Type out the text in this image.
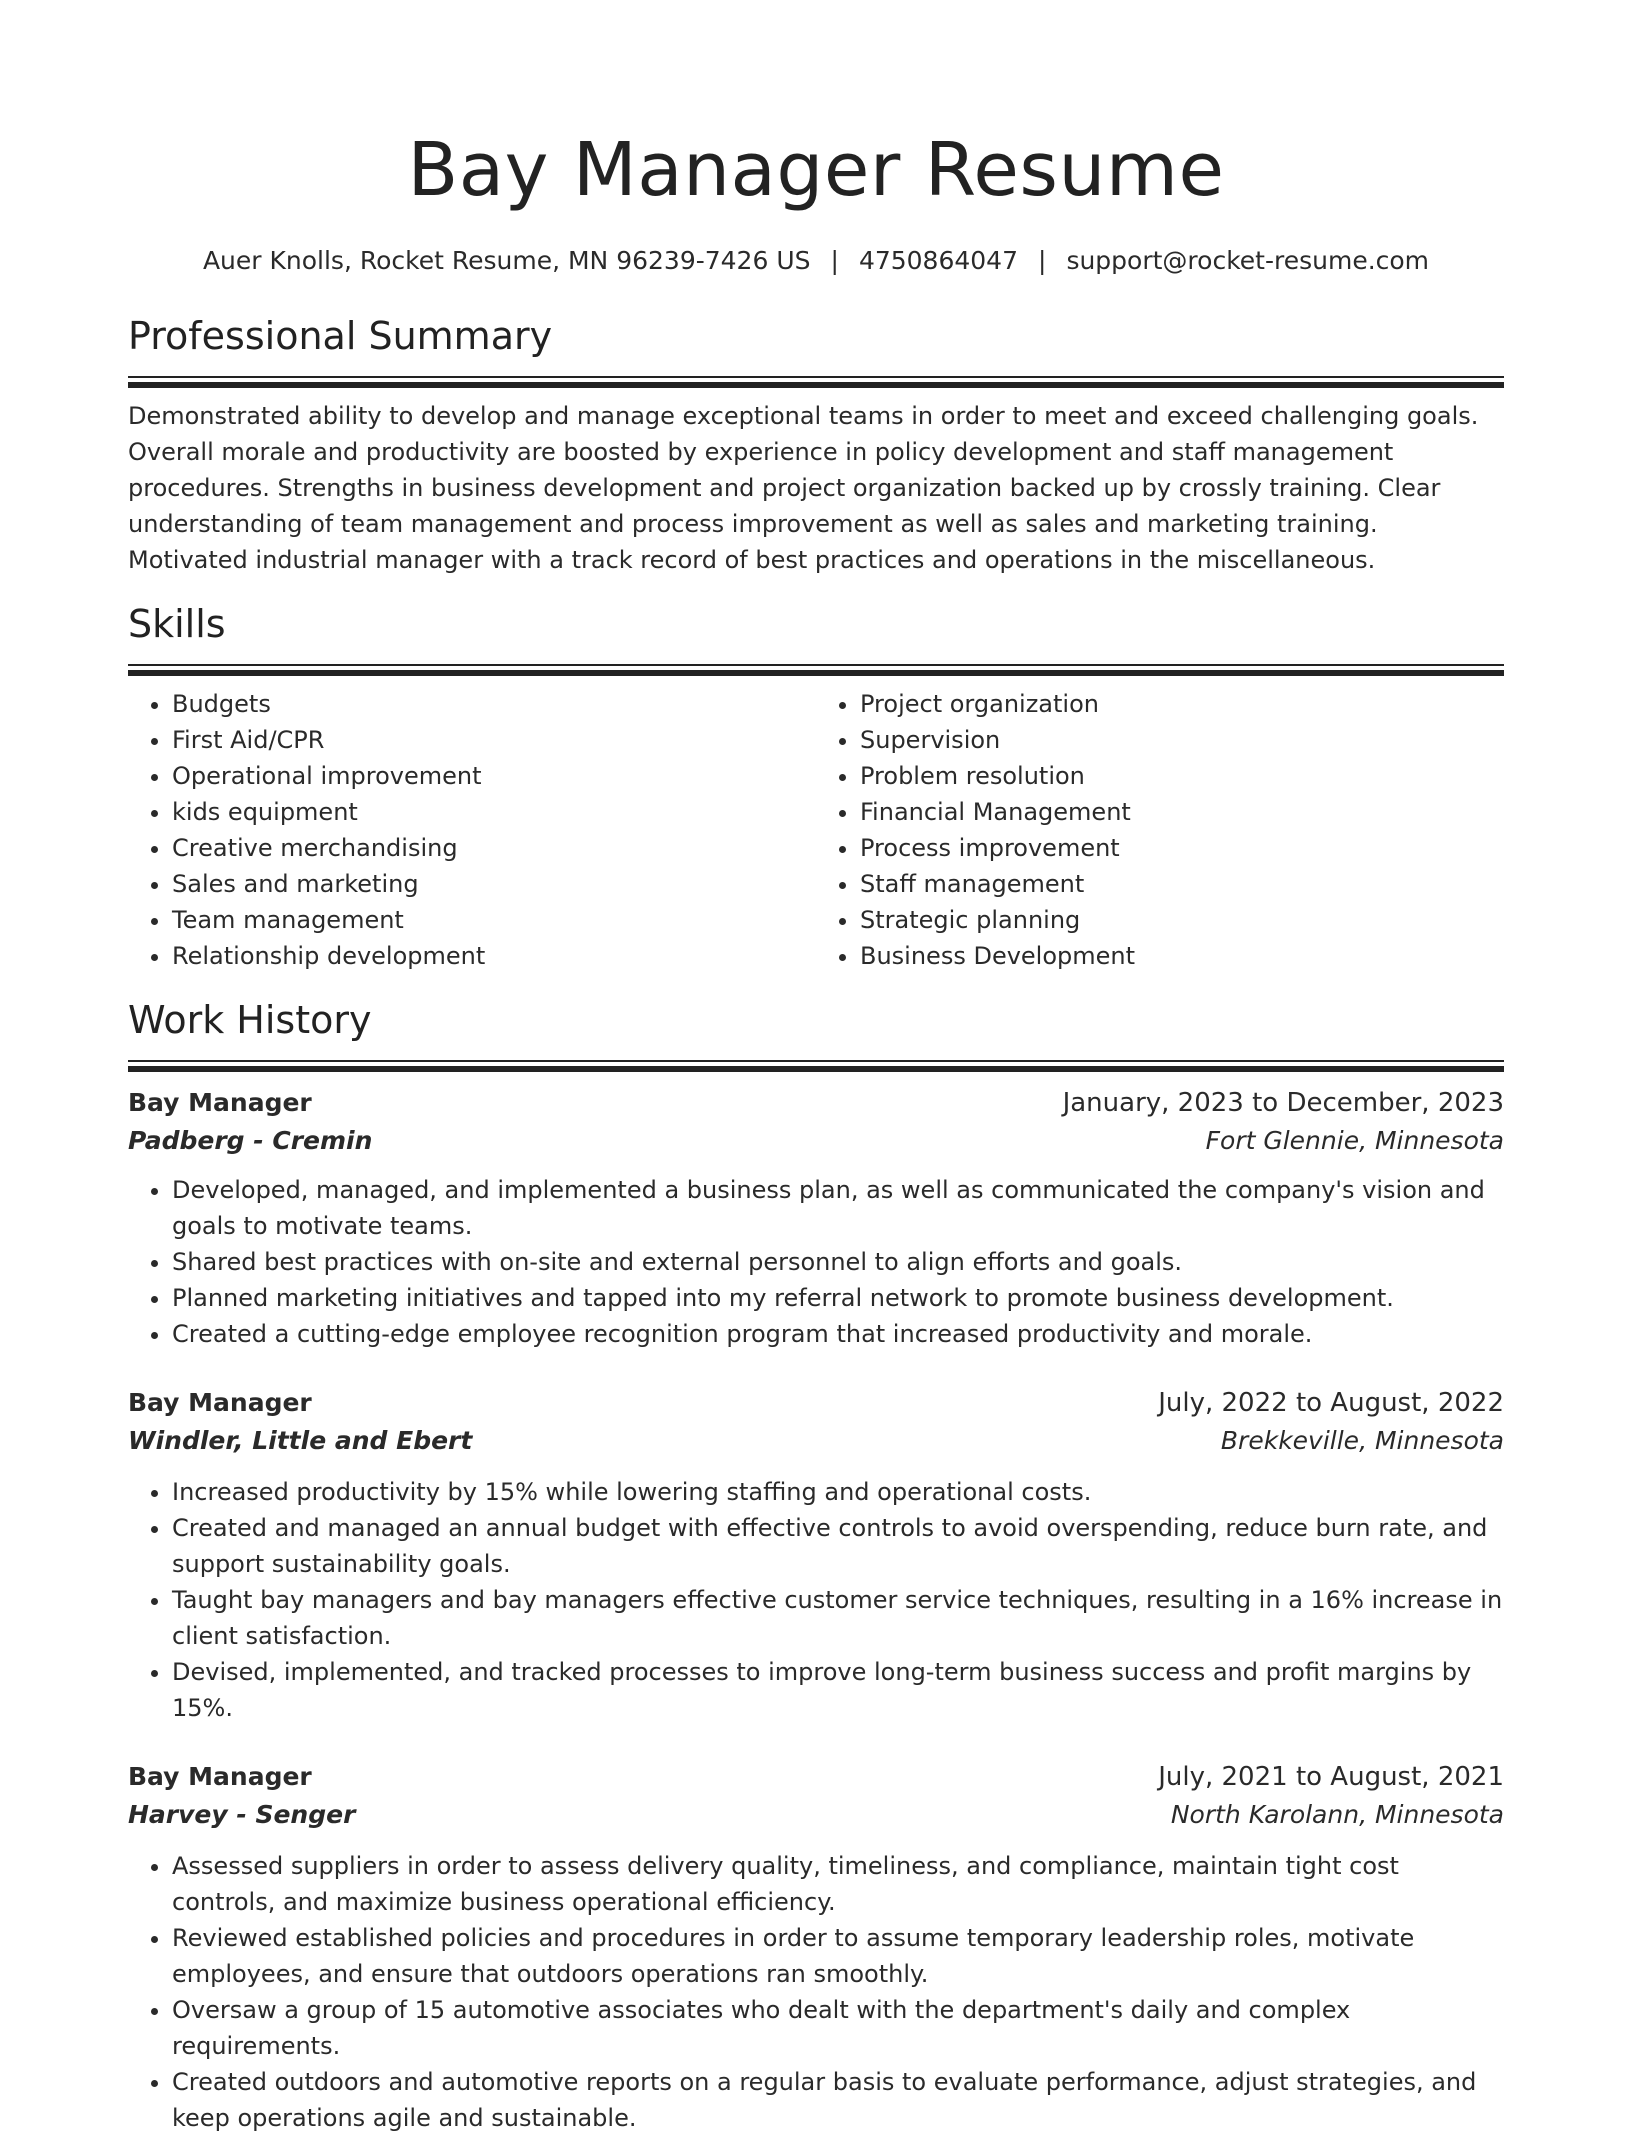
Bay Manager Resume
Auer Knolls, Rocket Resume, MN 96239-7426 US | 4750864047 | support@rocket-resume.com
Professional Summary

Demonstrated ability to develop and manage exceptional teams in order to meet and exceed challenging goals. Overall morale and productivity are boosted by experience in policy development and staff management procedures. Strengths in business development and project organization backed up by crossly training. Clear understanding of team management and process improvement as well as sales and marketing training. Motivated industrial manager with a track record of best practices and operations in the miscellaneous.

Skills
• Budgets
• First Aid/CPR
• Operational improvement
• kids equipment
• Creative merchandising
• Sales and marketing
• Team management
• Relationship development
• Project organization
• Supervision
• Problem resolution
• Financial Management
• Process improvement
• Staff management
• Strategic planning
• Business Development
Work History
Bay Manager	January, 2023 to December, 2023
Padberg - Cremin	Fort Glennie, Minnesota
• Developed, managed, and implemented a business plan, as well as communicated the company's vision and goals to motivate teams.
• Shared best practices with on-site and external personnel to align efforts and goals.
• Planned marketing initiatives and tapped into my referral network to promote business development.
• Created a cutting-edge employee recognition program that increased productivity and morale.
Bay Manager	July, 2022 to August, 2022
Windler, Little and Ebert	Brekkeville, Minnesota
• Increased productivity by 15% while lowering staffing and operational costs.
• Created and managed an annual budget with effective controls to avoid overspending, reduce burn rate, and support sustainability goals.
• Taught bay managers and bay managers effective customer service techniques, resulting in a 16% increase in client satisfaction.
• Devised, implemented, and tracked processes to improve long-term business success and profit margins by 15%.
Bay Manager	July, 2021 to August, 2021
Harvey - Senger	North Karolann, Minnesota
• Assessed suppliers in order to assess delivery quality, timeliness, and compliance, maintain tight cost controls, and maximize business operational efficiency.
• Reviewed established policies and procedures in order to assume temporary leadership roles, motivate employees, and ensure that outdoors operations ran smoothly.
• Oversaw a group of 15 automotive associates who dealt with the department's daily and complex requirements.
• Created outdoors and automotive reports on a regular basis to evaluate performance, adjust strategies, and keep operations agile and sustainable.
